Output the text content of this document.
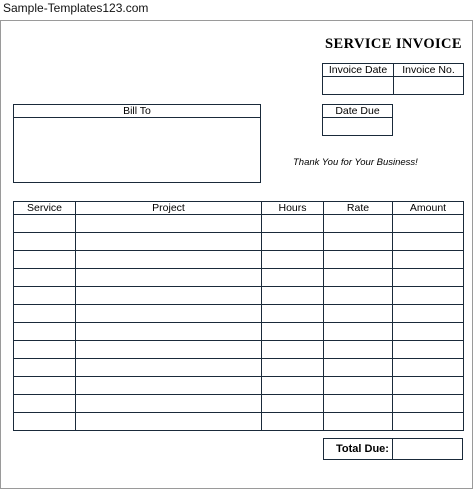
Sample-Templates123.com
SERVICE INVOICE
Invoice Date	Invoice No.

Date Due

Bill To

Thank You for Your Business!
Service	Project	Hours	Rate	Amount

Total Due:
